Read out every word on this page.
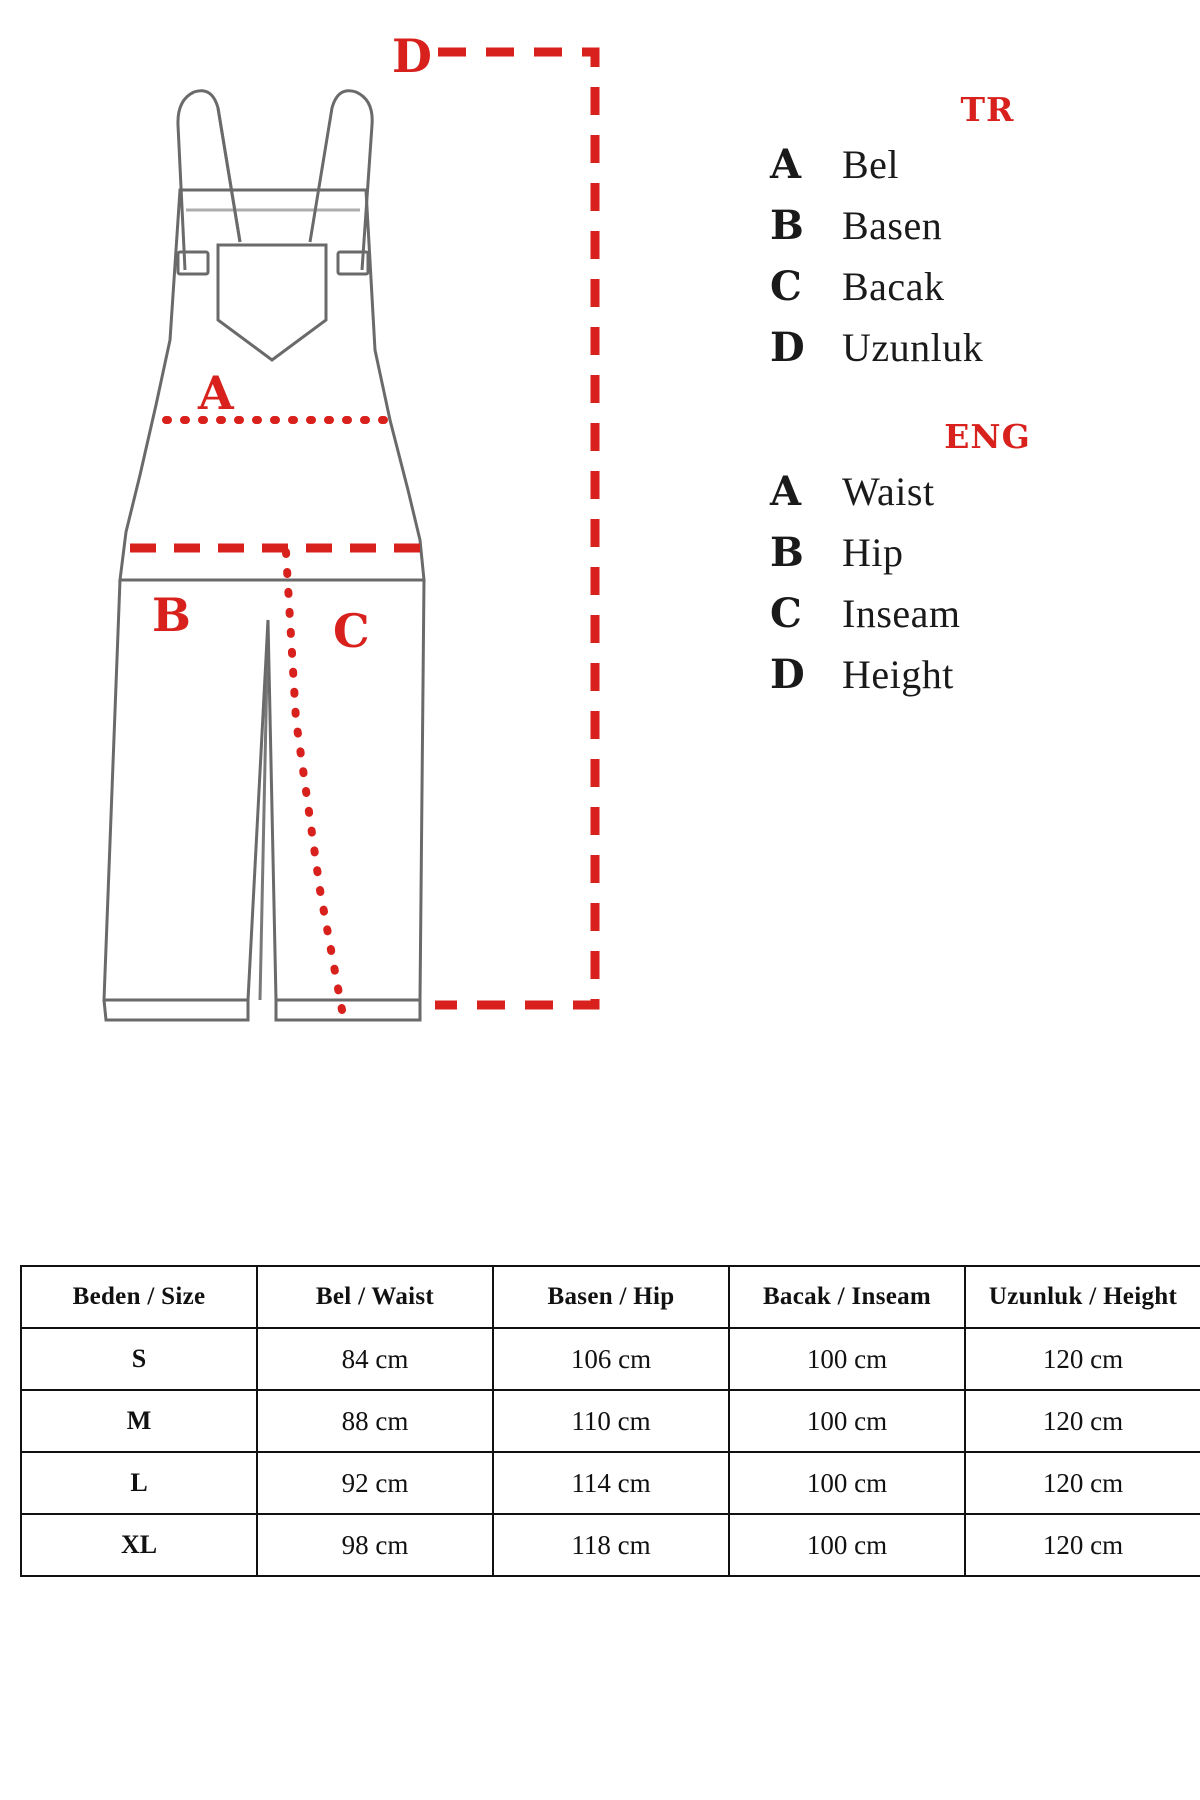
A
B	C
D
TR
A	Bel
B Basen
C	Bacak
D Uzunluk
ENG
A	Waist
B Hip
C	Inseam
D Height
Beden / Size	Bel / Waist	Basen / Hip	Bacak / Inseam	Uzunluk / Height
S	84 cm	106 cm	100 cm	120 cm
M	88 cm	110 cm	100 cm	120 cm
L	92 cm	114 cm	100 cm	120 cm
XL	98 cm	118 cm	100 cm	120 cm
